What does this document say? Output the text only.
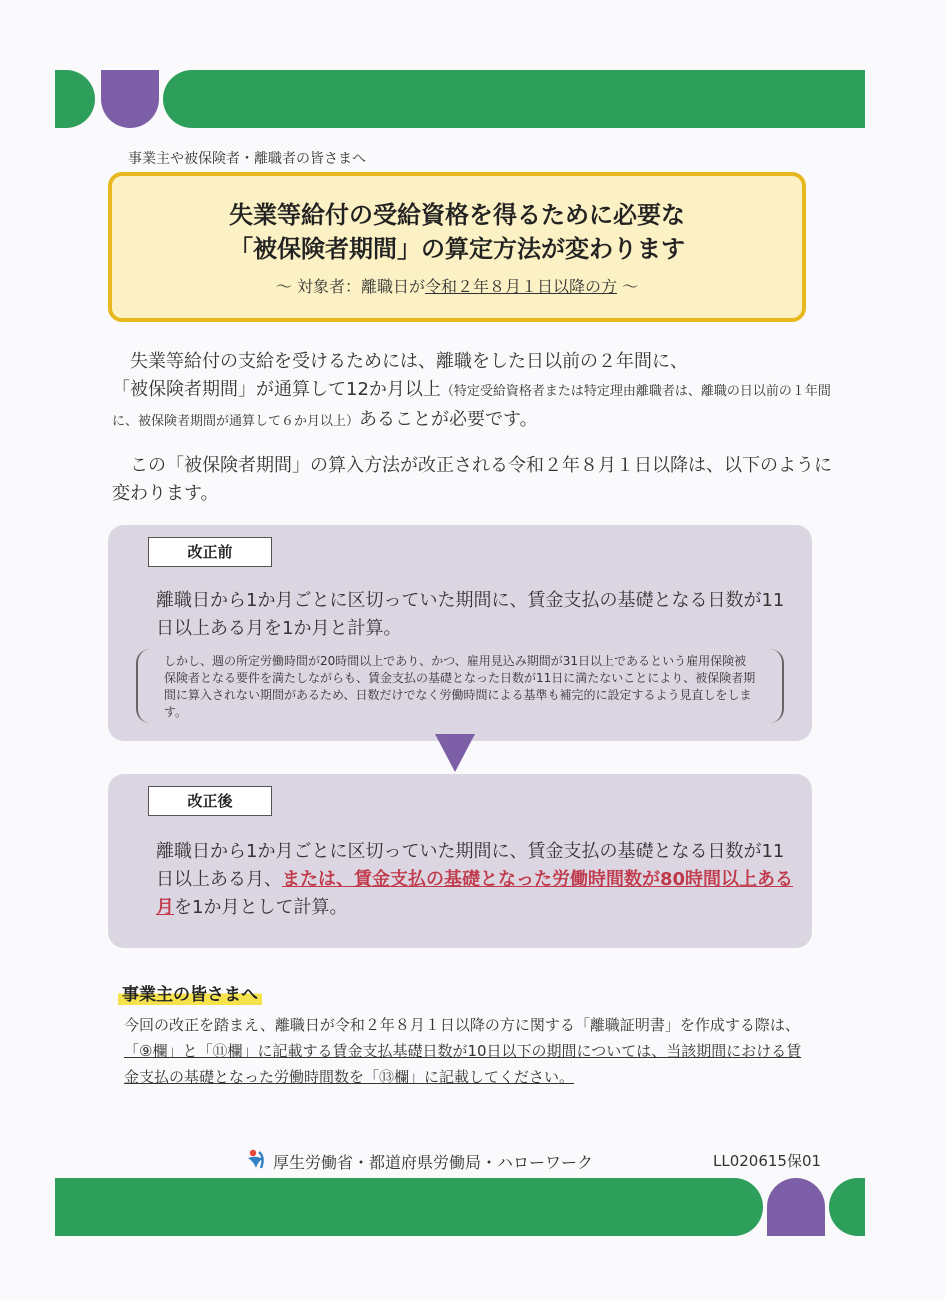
事業主や被保険者・離職者の皆さまへ
失業等給付の受給資格を得るために必要な
「被保険者期間」の算定方法が変わります
～ 対象者：離職日が令和２年８月１日以降の方 ～
　失業等給付の支給を受けるためには、離職をした日以前の２年間に、
「被保険者期間」が通算して12か月以上（特定受給資格者または特定理由離職者は、離職の日以前の１年間に、被保険者期間が通算して６か月以上）あることが必要です。
　この「被保険者期間」の算入方法が改正される令和２年８月１日以降は、以下のように変わります。
改正前
離職日から1か月ごとに区切っていた期間に、賃金支払の基礎となる日数が11日以上ある月を1か月と計算。
しかし、週の所定労働時間が20時間以上であり、かつ、雇用見込み期間が31日以上であるという雇用保険被保険者となる要件を満たしながらも、賃金支払の基礎となった日数が11日に満たないことにより、被保険者期間に算入されない期間があるため、日数だけでなく労働時間による基準も補完的に設定するよう見直しをします。
改正後
離職日から1か月ごとに区切っていた期間に、賃金支払の基礎となる日数が11日以上ある月、または、賃金支払の基礎となった労働時間数が80時間以上ある月を1か月として計算。
事業主の皆さまへ
今回の改正を踏まえ、離職日が令和２年８月１日以降の方に関する「離職証明書」を作成する際は、「⑨欄」と「⑪欄」に記載する賃金支払基礎日数が10日以下の期間については、当該期間における賃金支払の基礎となった労働時間数を「⑬欄」に記載してください。
厚生労働省・都道府県労働局・ハローワーク	LL020615保01
